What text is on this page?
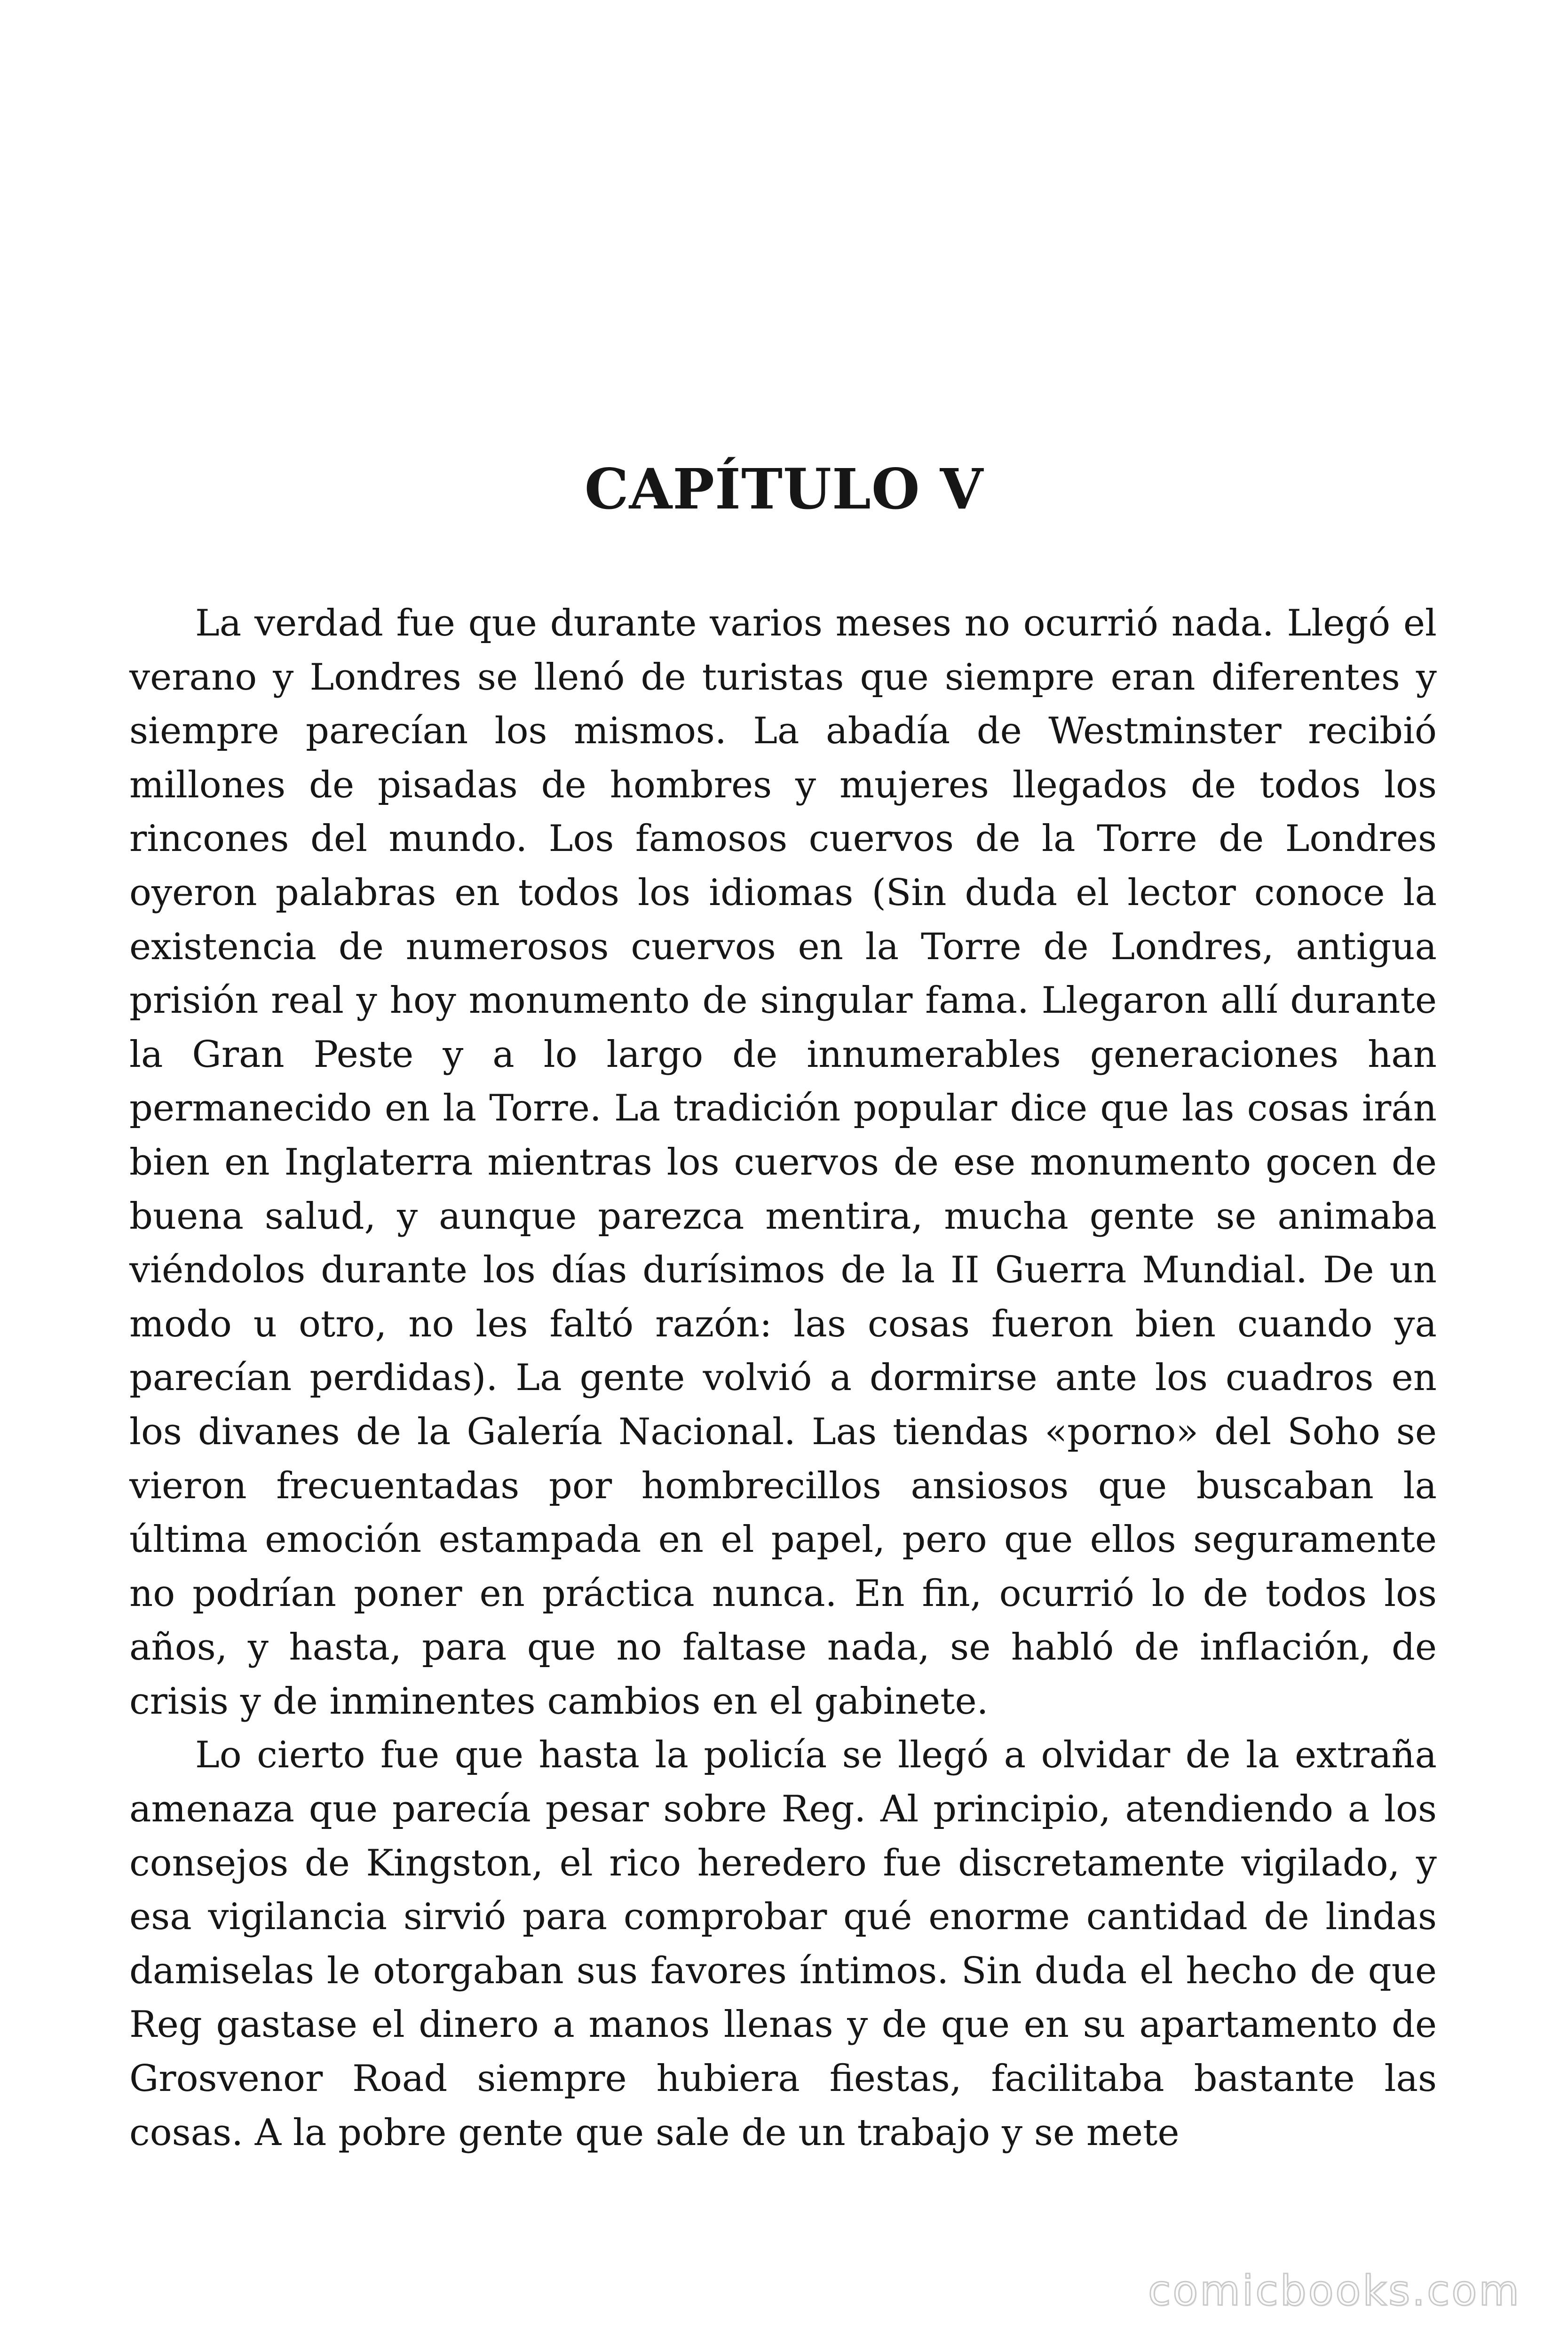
CAPÍTULO V

La verdad fue que durante varios meses no ocurrió nada. Llegó el verano y Londres se llenó de turistas que siempre eran diferentes y siempre parecían los mismos. La abadía de Westminster recibió millones de pisadas de hombres y mujeres llegados de todos los rincones del mundo. Los famosos cuervos de la Torre de Londres oyeron palabras en todos los idiomas (Sin duda el lector conoce la existencia de numerosos cuervos en la Torre de Londres, antigua prisión real y hoy monumento de singular fama. Llegaron allí durante la Gran Peste y a lo largo de innumerables generaciones han permanecido en la Torre. La tradición popular dice que las cosas irán bien en Inglaterra mientras los cuervos de ese monumento gocen de buena salud, y aunque parezca mentira, mucha gente se animaba viéndolos durante los días durísimos de la II Guerra Mundial. De un modo u otro, no les faltó razón: las cosas fueron bien cuando ya parecían perdidas). La gente volvió a dormirse ante los cuadros en los divanes de la Galería Nacional. Las tiendas «porno» del Soho se vieron frecuentadas por hombrecillos ansiosos que buscaban la última emoción estampada en el papel, pero que ellos seguramente no podrían poner en práctica nunca. En fin, ocurrió lo de todos los años, y hasta, para que no faltase nada, se habló de inflación, de crisis y de inminentes cambios en el gabinete.

Lo cierto fue que hasta la policía se llegó a olvidar de la extraña amenaza que parecía pesar sobre Reg. Al principio, atendiendo a los consejos de Kingston, el rico heredero fue discretamente vigilado, y esa vigilancia sirvió para comprobar qué enorme cantidad de lindas damiselas le otorgaban sus favores íntimos. Sin duda el hecho de que Reg gastase el dinero a manos llenas y de que en su apartamento de Grosvenor Road siempre hubiera fiestas, facilitaba bastante las cosas. A la pobre gente que sale de un trabajo y se mete

comicbooks.com
